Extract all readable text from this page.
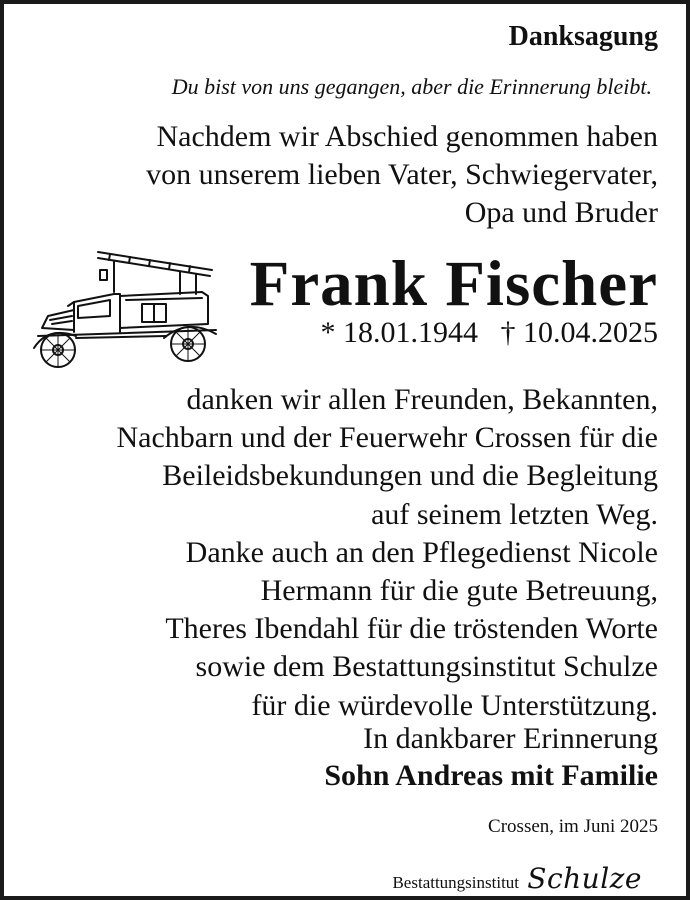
Danksagung
Du bist von uns gegangen, aber die Erinnerung bleibt.
Nachdem wir Abschied genommen haben
von unserem lieben Vater, Schwiegervater,
Opa und Bruder
Frank Fischer
* 18.01.1944 † 10.04.2025
danken wir allen Freunden, Bekannten,
Nachbarn und der Feuerwehr Crossen für die
Beileidsbekundungen und die Begleitung
auf seinem letzten Weg.
Danke auch an den Pflegedienst Nicole
Hermann für die gute Betreuung,
Theres Ibendahl für die tröstenden Worte
sowie dem Bestattungsinstitut Schulze
für die würdevolle Unterstützung.
In dankbarer Erinnerung
Sohn Andreas mit Familie
Crossen, im Juni 2025
Bestattungsinstitut Schulze
